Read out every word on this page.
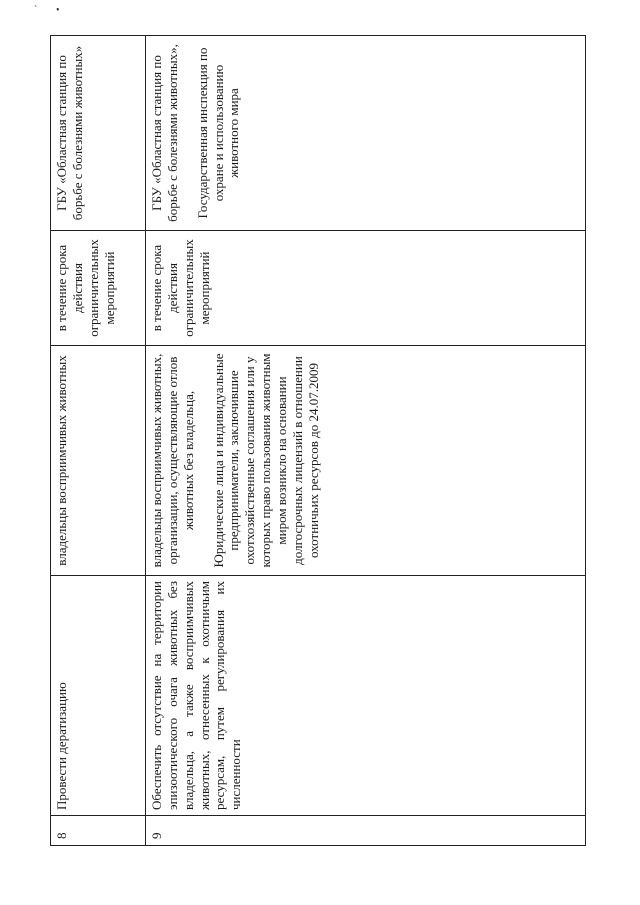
` •
8	Провести дератизацию	владельцы восприимчивых животных	в течение срока действия ограничительных мероприятий	ГБУ «Областная станция по борьбе с болезнями животных»

9	Обеспечить отсутствие на территории эпизоотического очага животных без владельца, а также восприимчивых животных, отнесенных к охотничьим ресурсам, путем регулирования их численности	владельцы восприимчивых животных, организации, осуществляющие отлов животных без владельца, Юридические лица и индивидуальные предприниматели, заключившие охотхозяйственные соглашения или у которых право пользования животным миром возникло на основании долгосрочных лицензий в отношении охотничьих ресурсов до 24.07.2009	в течение срока действия ограничительных мероприятий	ГБУ «Областная станция по борьбе с болезнями животных», Государственная инспекция по охране и использованию животного мира
